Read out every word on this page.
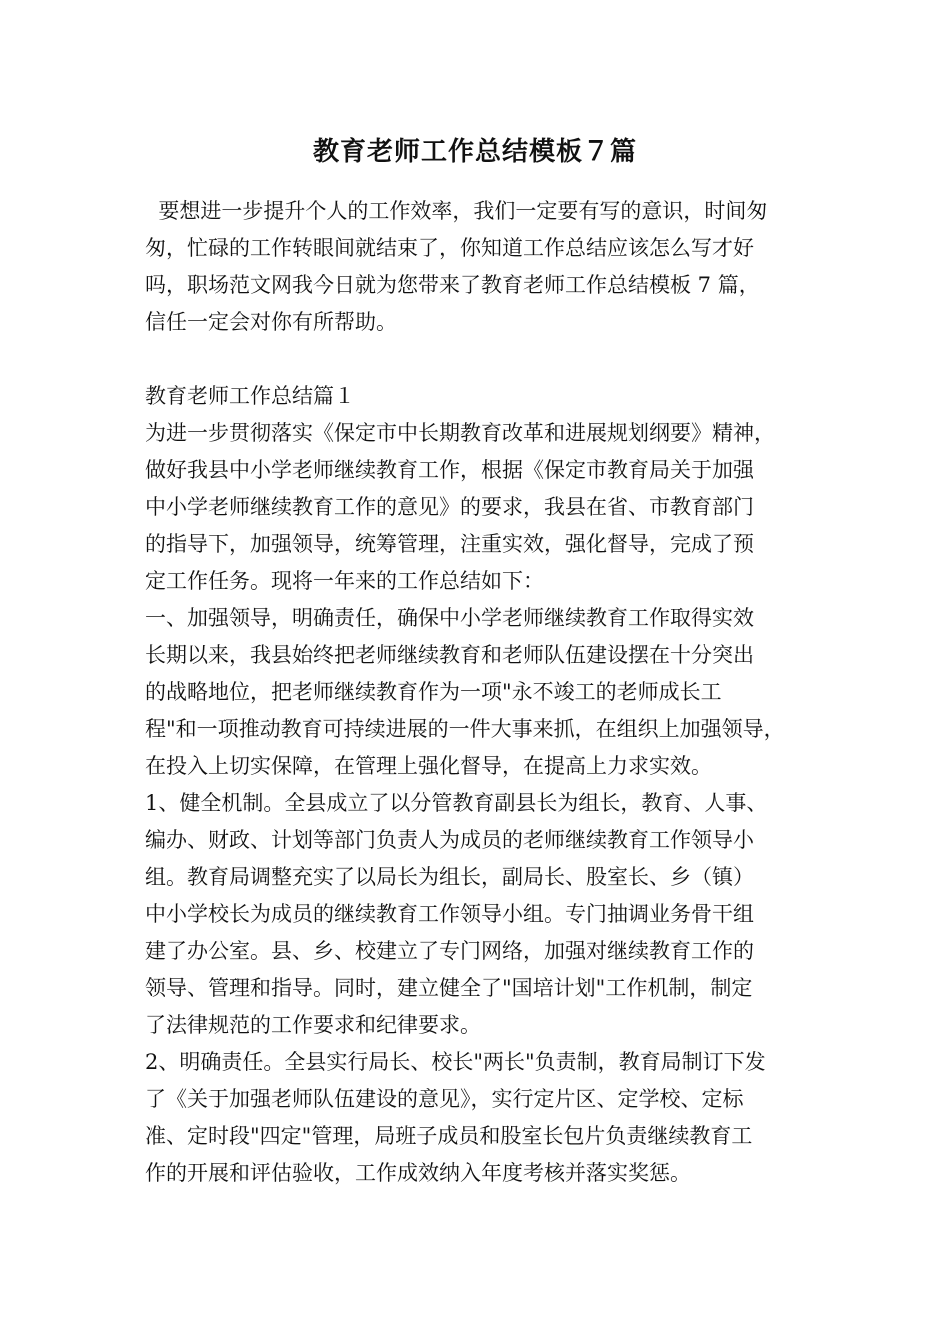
教育老师工作总结模板７篇

要想进一步提升个人的工作效率，我们一定要有写的意识，时间匆

匆，忙碌的工作转眼间就结束了，你知道工作总结应该怎么写才好

吗，职场范文网我今日就为您带来了教育老师工作总结模板 7 篇，

信任一定会对你有所帮助。

教育老师工作总结篇１

为进一步贯彻落实《保定市中长期教育改革和进展规划纲要》精神，

做好我县中小学老师继续教育工作，根据《保定市教育局关于加强

中小学老师继续教育工作的意见》的要求，我县在省、市教育部门

的指导下，加强领导，统筹管理，注重实效，强化督导，完成了预

定工作任务。现将一年来的工作总结如下：

一、加强领导，明确责任，确保中小学老师继续教育工作取得实效

长期以来，我县始终把老师继续教育和老师队伍建设摆在十分突出

的战略地位，把老师继续教育作为一项"永不竣工的老师成长工

程"和一项推动教育可持续进展的一件大事来抓，在组织上加强领导，

在投入上切实保障，在管理上强化督导，在提高上力求实效。

1、健全机制。全县成立了以分管教育副县长为组长，教育、人事、

编办、财政、计划等部门负责人为成员的老师继续教育工作领导小

组。教育局调整充实了以局长为组长，副局长、股室长、乡（镇）

中小学校长为成员的继续教育工作领导小组。专门抽调业务骨干组

建了办公室。县、乡、校建立了专门网络，加强对继续教育工作的

领导、管理和指导。同时，建立健全了"国培计划"工作机制，制定

了法律规范的工作要求和纪律要求。

2、明确责任。全县实行局长、校长"两长"负责制，教育局制订下发

了《关于加强老师队伍建设的意见》，实行定片区、定学校、定标

准、定时段"四定"管理，局班子成员和股室长包片负责继续教育工

作的开展和评估验收，工作成效纳入年度考核并落实奖惩。
